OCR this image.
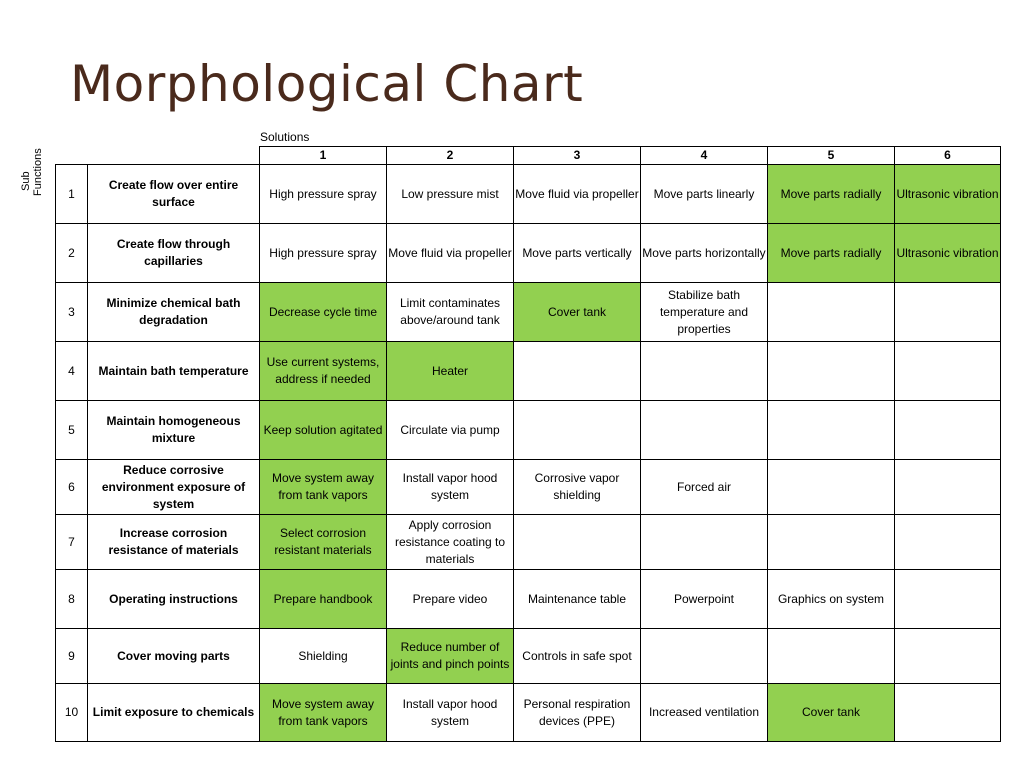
Morphological Chart
Solutions
Sub
Functions
			1	2	3	4	5	6
1	Create flow over entire surface	High pressure spray	Low pressure mist	Move fluid via propeller	Move parts linearly	Move parts radially	Ultrasonic vibration
2	Create flow through capillaries	High pressure spray	Move fluid via propeller	Move parts vertically	Move parts horizontally	Move parts radially	Ultrasonic vibration
3	Minimize chemical bath degradation	Decrease cycle time	Limit contaminates above/around tank	Cover tank	Stabilize bath temperature and properties		
4	Maintain bath temperature	Use current systems, address if needed	Heater				
5	Maintain homogeneous mixture	Keep solution agitated	Circulate via pump				
6	Reduce corrosive environment exposure of system	Move system away from tank vapors	Install vapor hood system	Corrosive vapor shielding	Forced air		
7	Increase corrosion resistance of materials	Select corrosion resistant materials	Apply corrosion resistance coating to materials				
8	Operating instructions	Prepare handbook	Prepare video	Maintenance table	Powerpoint	Graphics on system	
9	Cover moving parts	Shielding	Reduce number of joints and pinch points	Controls in safe spot			
10	Limit exposure to chemicals	Move system away from tank vapors	Install vapor hood system	Personal respiration devices (PPE)	Increased ventilation	Cover tank	
